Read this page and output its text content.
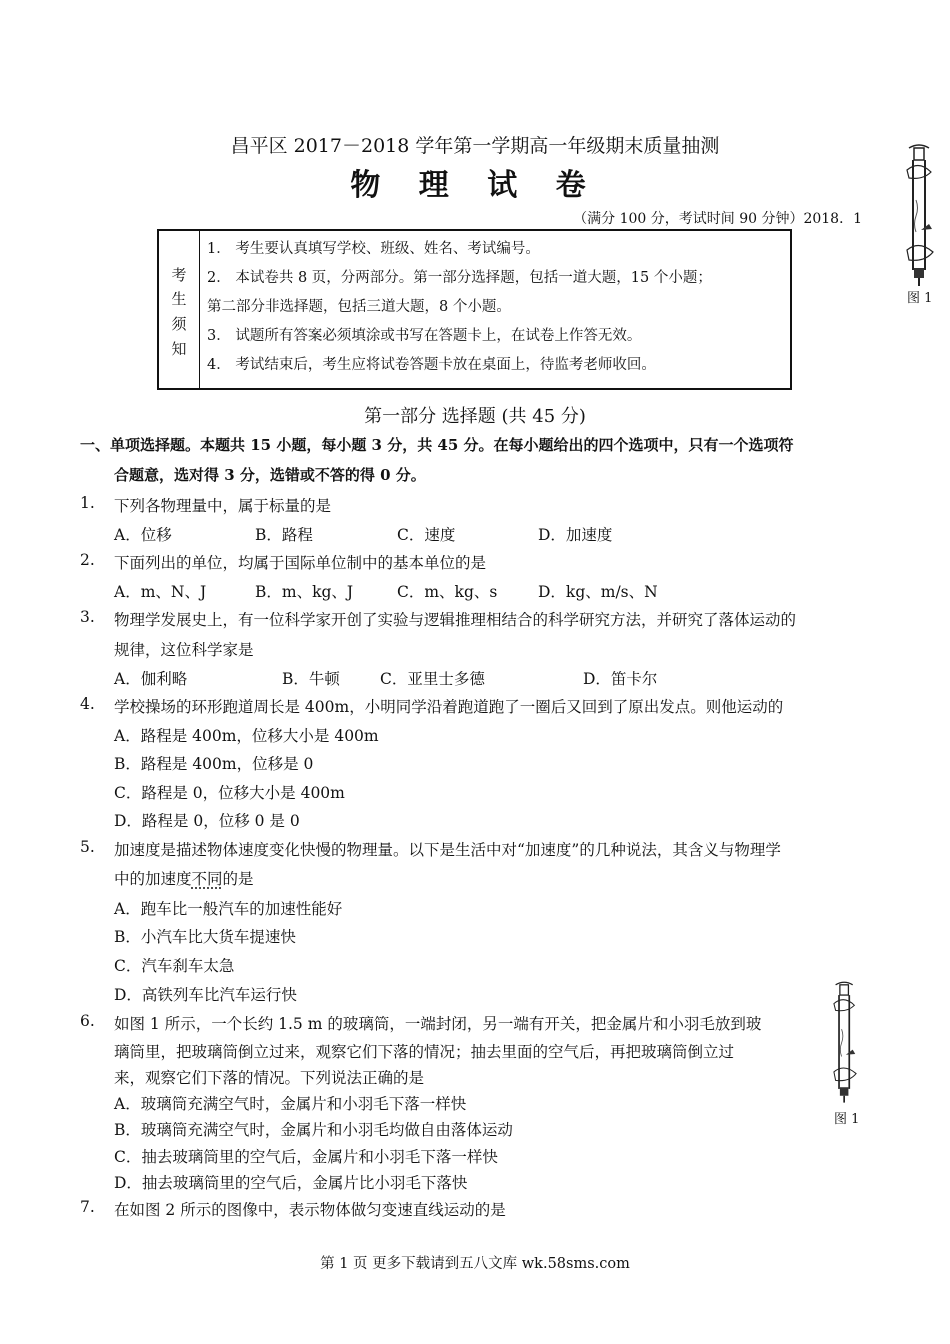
昌平区 2017－2018 学年第一学期高一年级期末质量抽测
物 理 试 卷
（满分 100 分，考试时间 90 分钟）2018．1
图 1
考
生
须
知
1． 考生要认真填写学校、班级、姓名、考试编号。
2． 本试卷共 8 页，分两部分。第一部分选择题，包括一道大题，15 个小题；
第二部分非选择题，包括三道大题，8 个小题。
3． 试题所有答案必须填涂或书写在答题卡上，在试卷上作答无效。
4． 考试结束后，考生应将试卷答题卡放在桌面上，待监考老师收回。
第一部分 选择题 (共 45 分)
一、单项选择题。本题共 15 小题，每小题 3 分，共 45 分。在每小题给出的四个选项中，只有一个选项符
合题意，选对得 3 分，选错或不答的得 0 分。
1. 下列各物理量中，属于标量的是
A．位移	B．路程	C．速度	D．加速度
2. 下面列出的单位，均属于国际单位制中的基本单位的是
A．m、N、J	B．m、kg、J	C．m、kg、s	D．kg、m/s、N
3. 物理学发展史上，有一位科学家开创了实验与逻辑推理相结合的科学研究方法，并研究了落体运动的
规律，这位科学家是
A．伽利略	B．牛顿	C．亚里士多德	D．笛卡尔
4. 学校操场的环形跑道周长是 400m，小明同学沿着跑道跑了一圈后又回到了原出发点。则他运动的
A．路程是 400m，位移大小是 400m
B．路程是 400m，位移是 0
C．路程是 0，位移大小是 400m
D．路程是 0，位移 0 是 0
5. 加速度是描述物体速度变化快慢的物理量。以下是生活中对“加速度”的几种说法，其含义与物理学
中的加速度不同的是
A．跑车比一般汽车的加速性能好
B．小汽车比大货车提速快
C．汽车刹车太急
D．高铁列车比汽车运行快
6. 如图 1 所示，一个长约 1.5 m 的玻璃筒，一端封闭，另一端有开关，把金属片和小羽毛放到玻
璃筒里，把玻璃筒倒立过来，观察它们下落的情况；抽去里面的空气后，再把玻璃筒倒立过
来，观察它们下落的情况。下列说法正确的是
A．玻璃筒充满空气时，金属片和小羽毛下落一样快
B．玻璃筒充满空气时，金属片和小羽毛均做自由落体运动
C．抽去玻璃筒里的空气后，金属片和小羽毛下落一样快
D．抽去玻璃筒里的空气后，金属片比小羽毛下落快
图 1
7. 在如图 2 所示的图像中，表示物体做匀变速直线运动的是
第 1 页 更多下载请到五八文库 wk.58sms.com
